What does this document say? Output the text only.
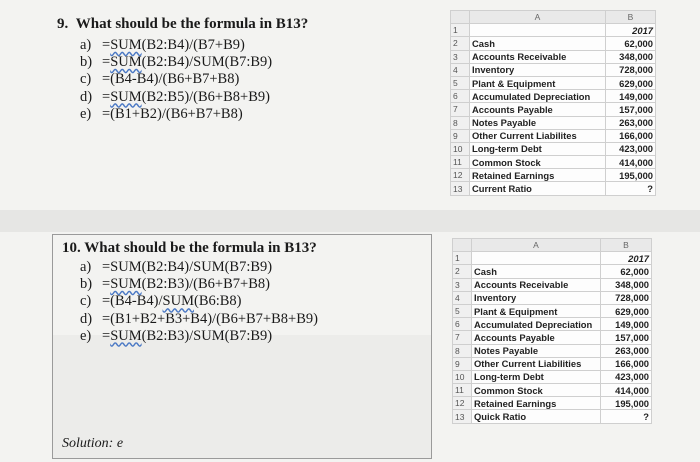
9. What should be the formula in B13?
a) =SUM(B2:B4)/(B7+B9)
b) =SUM(B2:B4)/SUM(B7:B9)
c) =(B4-B4)/(B6+B7+B8)
d) =SUM(B2:B5)/(B6+B8+B9)
e) =(B1+B2)/(B6+B7+B8)
	A	B
1		2017
2	Cash	62,000
3	Accounts Receivable	348,000
4	Inventory	728,000
5	Plant & Equipment	629,000
6	Accumulated Depreciation	149,000
7	Accounts Payable	157,000
8	Notes Payable	263,000
9	Other Current Liabilites	166,000
10	Long-term Debt	423,000
11	Common Stock	414,000
12	Retained Earnings	195,000
13	Current Ratio	?
10. What should be the formula in B13?
a) =SUM(B2:B4)/SUM(B7:B9)
b) =SUM(B2:B3)/(B6+B7+B8)
c) =(B4-B4)/SUM(B6:B8)
d) =(B1+B2+B3+B4)/(B6+B7+B8+B9)
e) =SUM(B2:B3)/SUM(B7:B9)
Solution: e
	A	B
1		2017
2	Cash	62,000
3	Accounts Receivable	348,000
4	Inventory	728,000
5	Plant & Equipment	629,000
6	Accumulated Depreciation	149,000
7	Accounts Payable	157,000
8	Notes Payable	263,000
9	Other Current Liabilities	166,000
10	Long-term Debt	423,000
11	Common Stock	414,000
12	Retained Earnings	195,000
13	Quick Ratio	?
